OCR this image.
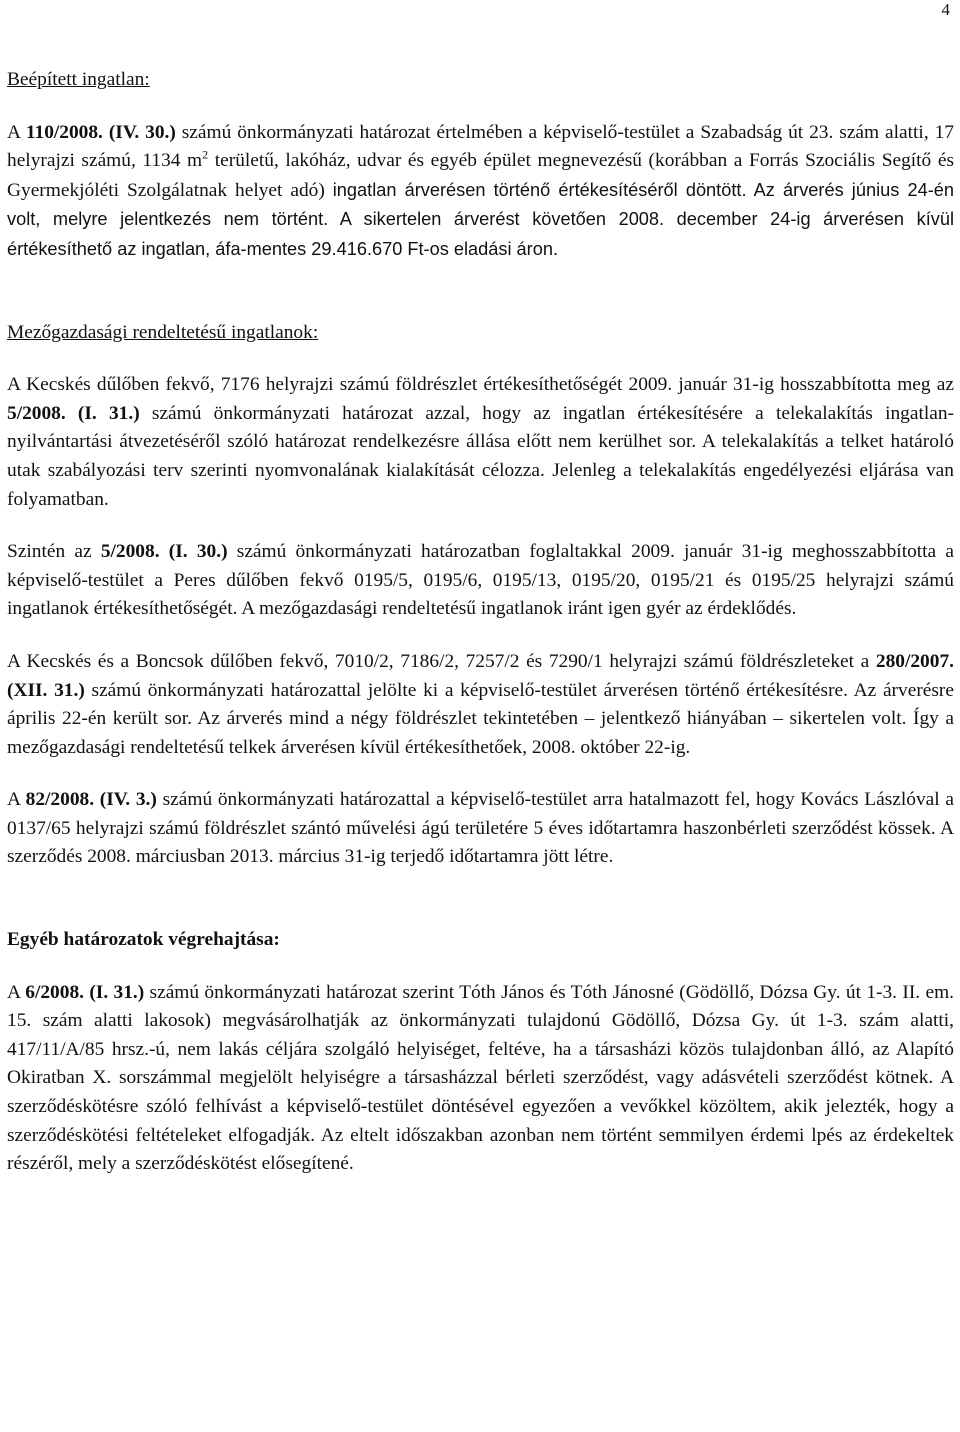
4

Beépített ingatlan:

A 110/2008. (IV. 30.) számú önkormányzati határozat értelmében a képviselő-testület a Szabadság út 23. szám alatti, 17 helyrajzi számú, 1134 $m^2$ területű, lakóház, udvar és egyéb épület megnevezésű (korábban a Forrás Szociális Segítő és Gyermekjóléti Szolgálatnak helyet adó) ingatlan árverésen történő értékesítéséről döntött. Az árverés június 24-én volt, melyre jelentkezés nem történt. A sikertelen árverést követően 2008. december 24-ig árverésen kívül értékesíthető az ingatlan, áfa-mentes 29.416.670 Ft-os eladási áron.

Mezőgazdasági rendeltetésű ingatlanok:

A Kecskés dűlőben fekvő, 7176 helyrajzi számú földrészlet értékesíthetőségét 2009. január 31-ig hosszabbította meg az 5/2008. (I. 31.) számú önkormányzati határozat azzal, hogy az ingatlan értékesítésére a telekalakítás ingatlan-nyilvántartási átvezetéséről szóló határozat rendelkezésre állása előtt nem kerülhet sor. A telekalakítás a telket határoló utak szabályozási terv szerinti nyomvonalának kialakítását célozza. Jelenleg a telekalakítás engedélyezési eljárása van folyamatban.

Szintén az 5/2008. (I. 30.) számú önkormányzati határozatban foglaltakkal 2009. január 31-ig meghosszabbította a képviselő-testület a Peres dűlőben fekvő 0195/5, 0195/6, 0195/13, 0195/20, 0195/21 és 0195/25 helyrajzi számú ingatlanok értékesíthetőségét. A mezőgazdasági rendeltetésű ingatlanok iránt igen gyér az érdeklődés.

A Kecskés és a Boncsok dűlőben fekvő, 7010/2, 7186/2, 7257/2 és 7290/1 helyrajzi számú földrészleteket a 280/2007. (XII. 31.) számú önkormányzati határozattal jelölte ki a képviselő-testület árverésen történő értékesítésre. Az árverésre április 22-én került sor. Az árverés mind a négy földrészlet tekintetében – jelentkező hiányában – sikertelen volt. Így a mezőgazdasági rendeltetésű telkek árverésen kívül értékesíthetőek, 2008. október 22-ig.

A 82/2008. (IV. 3.) számú önkormányzati határozattal a képviselő-testület arra hatalmazott fel, hogy Kovács Lászlóval a 0137/65 helyrajzi számú földrészlet szántó művelési ágú területére 5 éves időtartamra haszonbérleti szerződést kössek. A szerződés 2008. márciusban 2013. március 31-ig terjedő időtartamra jött létre.

Egyéb határozatok végrehajtása:

A 6/2008. (I. 31.) számú önkormányzati határozat szerint Tóth János és Tóth Jánosné (Gödöllő, Dózsa Gy. út 1-3. II. em. 15. szám alatti lakosok) megvásárolhatják az önkormányzati tulajdonú Gödöllő, Dózsa Gy. út 1-3. szám alatti, 417/11/A/85 hrsz.-ú, nem lakás céljára szolgáló helyiséget, feltéve, ha a társasházi közös tulajdonban álló, az Alapító Okiratban X. sorszámmal megjelölt helyiségre a társasházzal bérleti szerződést, vagy adásvételi szerződést kötnek. A szerződéskötésre szóló felhívást a képviselő-testület döntésével egyezően a vevőkkel közöltem, akik jelezték, hogy a szerződéskötési feltételeket elfogadják. Az eltelt időszakban azonban nem történt semmilyen érdemi lpés az érdekeltek részéről, mely a szerződéskötést elősegítené.
